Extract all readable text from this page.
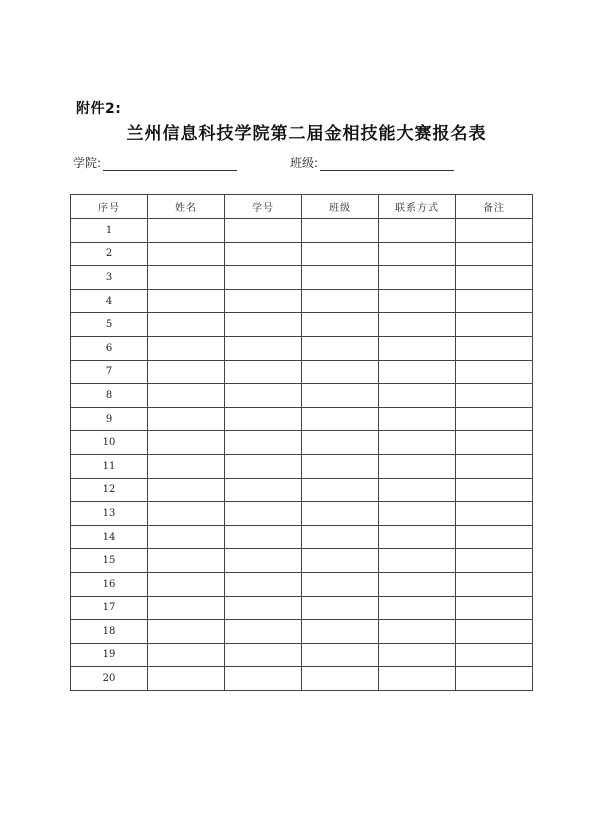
附件2:
兰州信息科技学院第二届金相技能大赛报名表
学院:	班级:
序号	姓名	学号	班级	联系方式	备注
1					
2					
3					
4					
5					
6					
7					
8					
9					
10					
11					
12					
13					
14					
15					
16					
17					
18					
19					
20					
